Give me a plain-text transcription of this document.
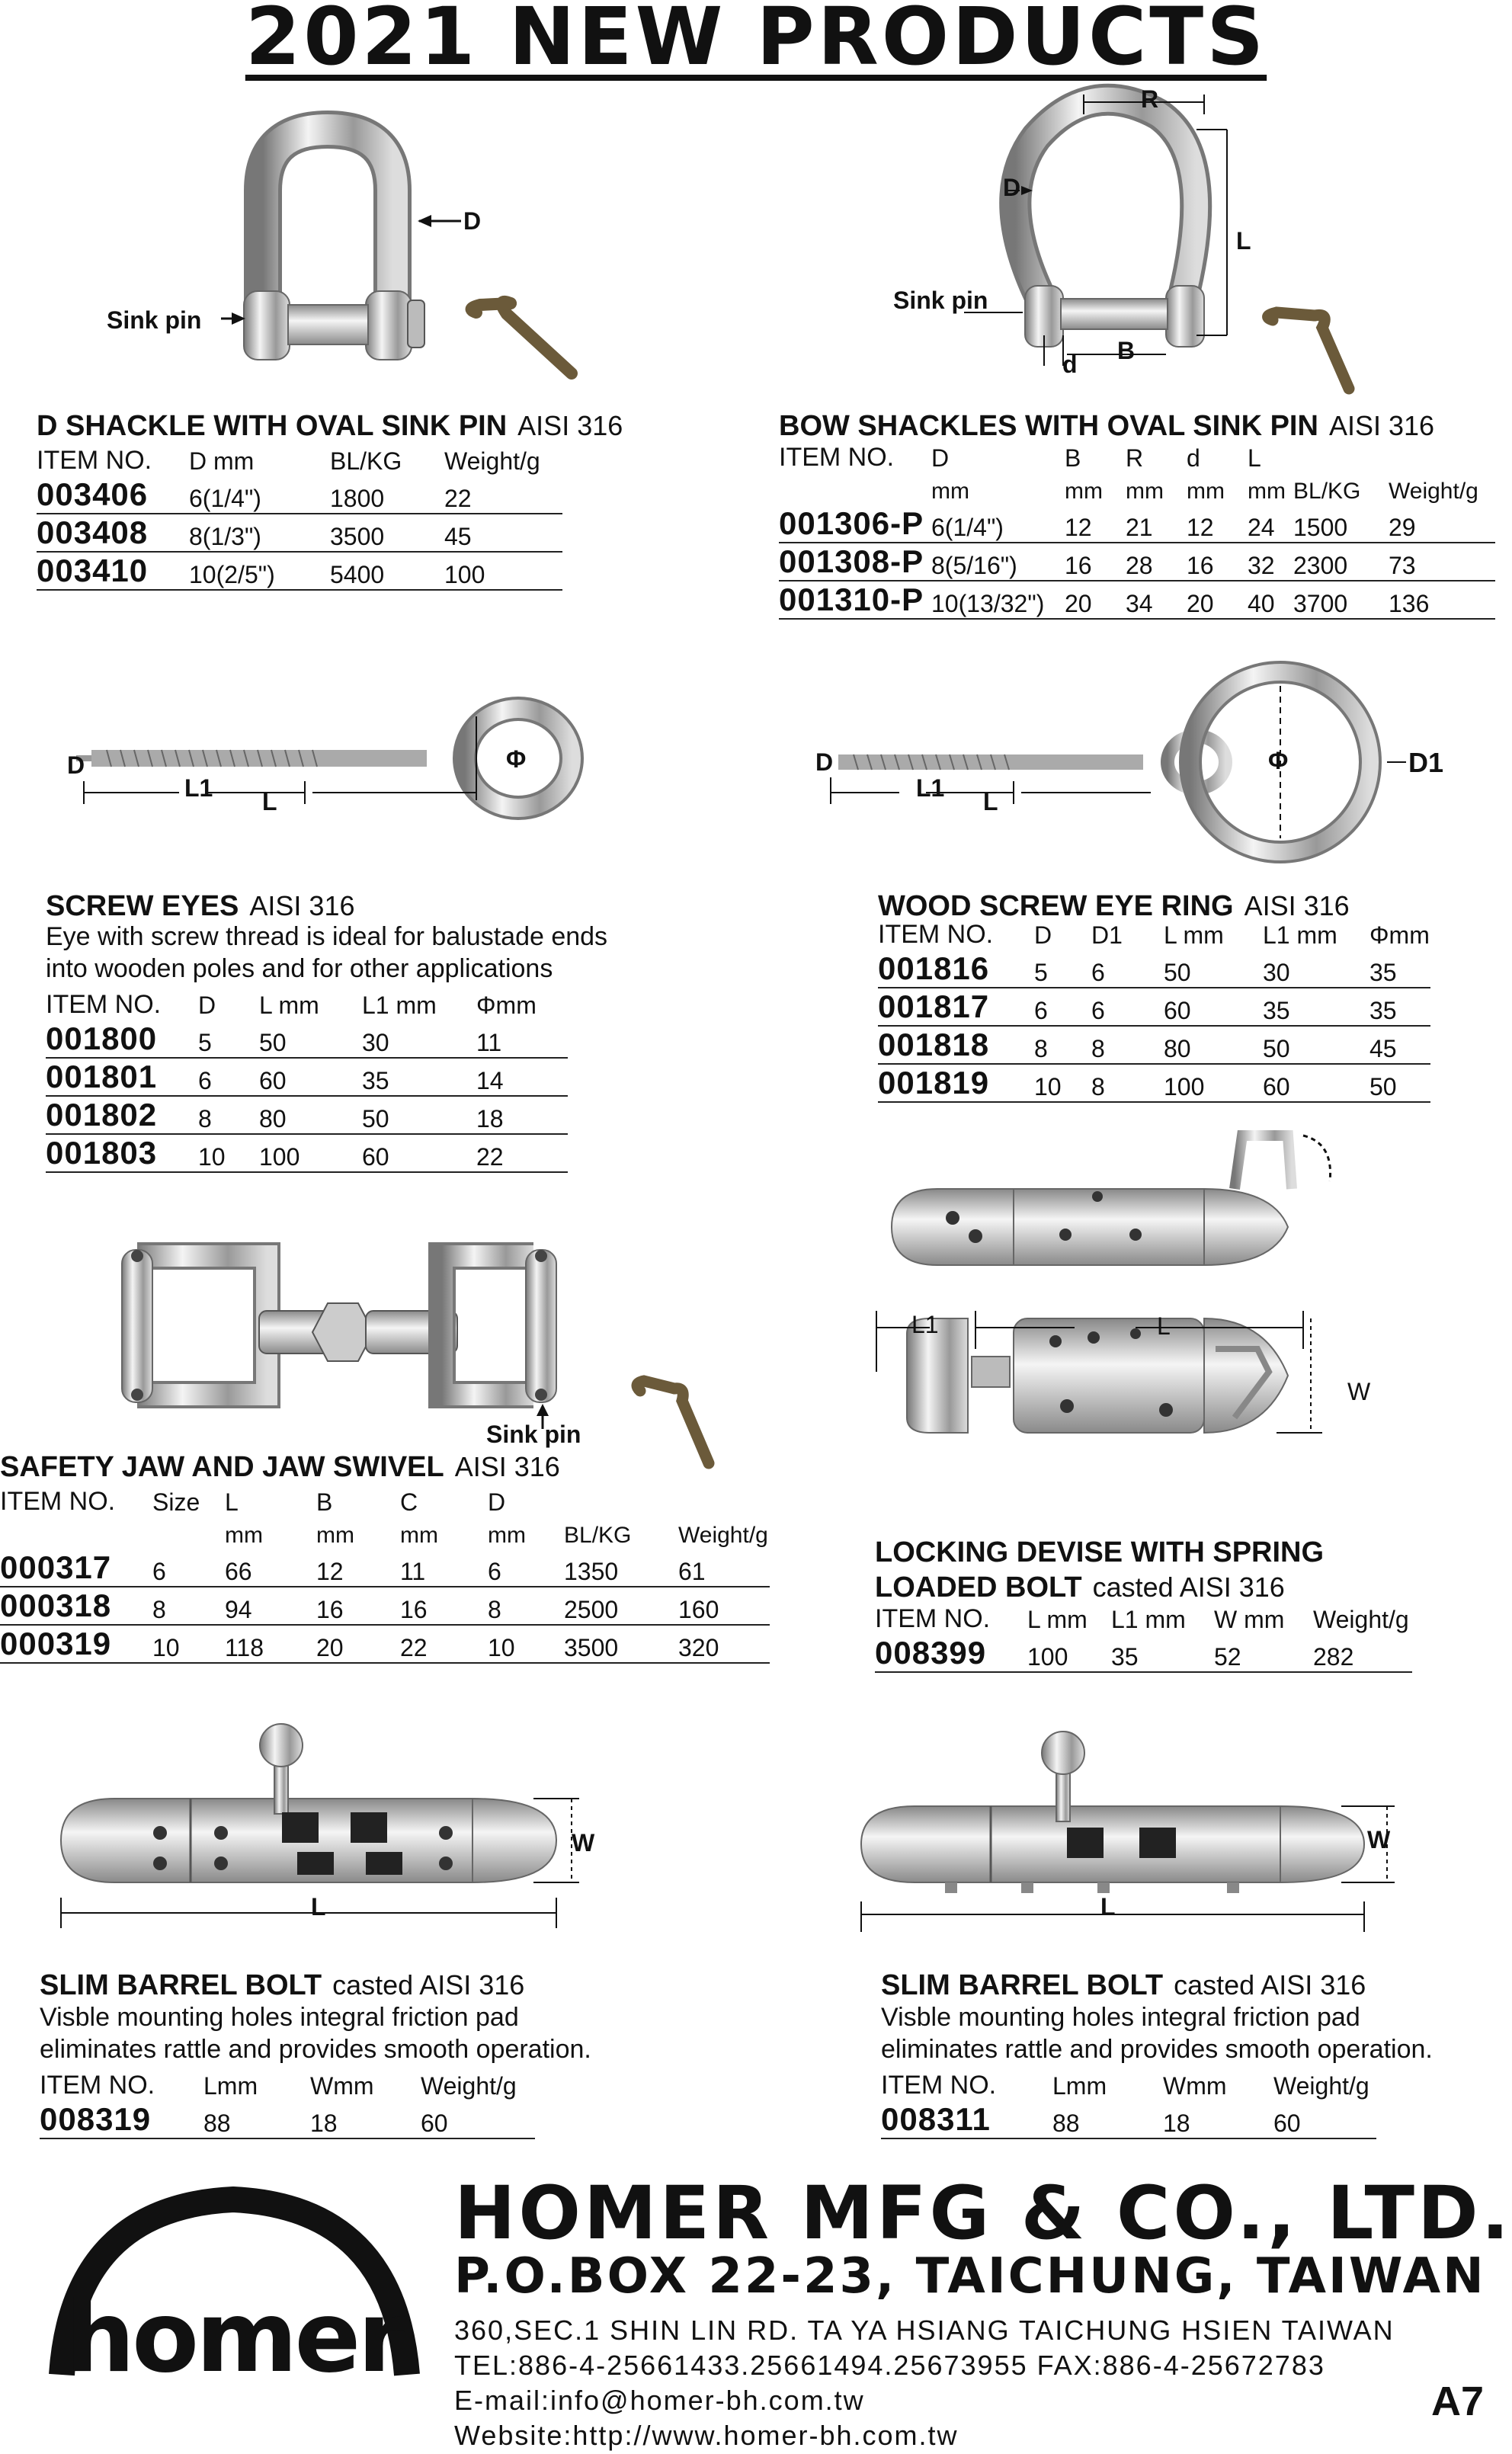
2021 NEW PRODUCTS
D
Sink pin
D SHACKLE WITH OVAL SINK PIN AISI 316
ITEM NO.	D mm	BL/KG	Weight/g
003406	6(1/4")	1800	22
003408	8(1/3")	3500	45
003410	10(2/5")	5400	100
R
D
L
Sink pin
B
d
BOW SHACKLES WITH OVAL SINK PIN AISI 316
ITEM NO.	D	B	R	d	L		
	mm	mm	mm	mm	mm	BL/KG	Weight/g
001306-P	6(1/4")	12	21	12	24	1500	29
001308-P	8(5/16")	16	28	16	32	2300	73
001310-P	10(13/32")	20	34	20	40	3700	136
D
L1 L
Φ
SCREW EYES AISI 316
Eye with screw thread is ideal for balustade ends
into wooden poles and for other applications
ITEM NO.	D	L mm	L1 mm	Φmm
001800	5	50	30	11
001801	6	60	35	14
001802	8	80	50	18
001803	10	100	60	22
D
L1 L
Φ	D1
WOOD SCREW EYE RING AISI 316
ITEM NO.	D	D1	L mm	L1 mm	Φmm
001816	5	6	50	30	35
001817	6	6	60	35	35
001818	8	8	80	50	45
001819	10	8	100	60	50
Sink pin
SAFETY JAW AND JAW SWIVEL AISI 316
ITEM NO.	Size	L	B	C	D		
		mm	mm	mm	mm	BL/KG	Weight/g
000317	6	66	12	11	6	1350	61
000318	8	94	16	16	8	2500	160
000319	10	118	20	22	10	3500	320
L1	L
W
LOCKING DEVISE WITH SPRING
LOADED BOLT casted AISI 316
ITEM NO.	L mm	L1 mm	W mm	Weight/g
008399	100	35	52	282
W
L
SLIM BARREL BOLT casted AISI 316
Visble mounting holes integral friction pad
eliminates rattle and provides smooth operation.
ITEM NO.	Lmm	Wmm	Weight/g
008319	88	18	60
W
L
SLIM BARREL BOLT casted AISI 316
Visble mounting holes integral friction pad
eliminates rattle and provides smooth operation.
ITEM NO.	Lmm	Wmm	Weight/g
008311	88	18	60
homer
HOMER MFG & CO., LTD.
P.O.BOX 22-23, TAICHUNG, TAIWAN
360,SEC.1 SHIN LIN RD. TA YA HSIANG TAICHUNG HSIEN TAIWAN
TEL:886-4-25661433.25661494.25673955 FAX:886-4-25672783
E-mail:info@homer-bh.com.tw
Website:http://www.homer-bh.com.tw
A7
